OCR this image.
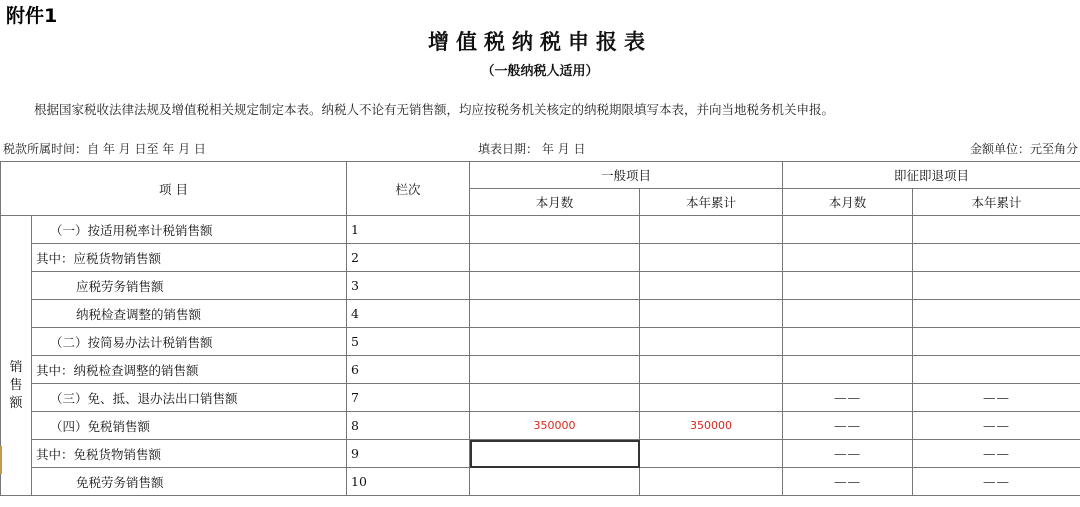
附件1
增值税纳税申报表
（一般纳税人适用）
根据国家税收法律法规及增值税相关规定制定本表。纳税人不论有无销售额，均应按税务机关核定的纳税期限填写本表，并向当地税务机关申报。
税款所属时间：自 年 月 日至 年 月 日	填表日期： 年 月 日	金额单位：元至角分
项 目		栏次	一般项目		即征即退项目	
			本月数	本年累计	本月数	本年累计

销
售
额	（一）按适用税率计税销售额	1				
	其中：应税货物销售额	2				
	应税劳务销售额	3				
	纳税检查调整的销售额	4				
	（二）按简易办法计税销售额	5				
	其中：纳税检查调整的销售额	6				
	（三）免、抵、退办法出口销售额	7			——	——
	（四）免税销售额	8	350000	350000	——	——
	其中：免税货物销售额	9			——	——
	免税劳务销售额	10			——	——
